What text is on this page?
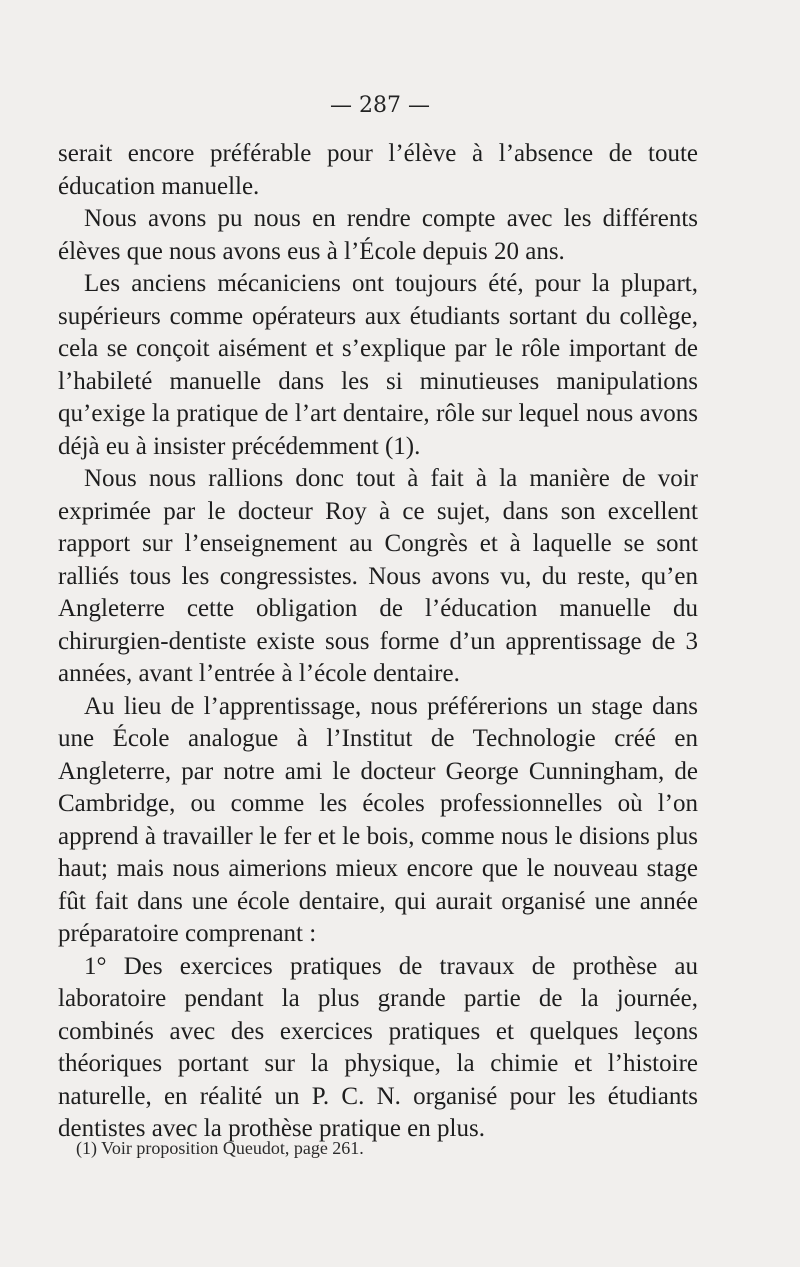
— 287 —

serait encore préférable pour l’élève à l’absence de toute éducation manuelle.

Nous avons pu nous en rendre compte avec les différents élèves que nous avons eus à l’École depuis 20 ans.

Les anciens mécaniciens ont toujours été, pour la plupart, supérieurs comme opérateurs aux étudiants sortant du collège, cela se conçoit aisément et s’explique par le rôle important de l’habileté manuelle dans les si minutieuses manipulations qu’exige la pratique de l’art dentaire, rôle sur lequel nous avons déjà eu à insister précédemment (1).

Nous nous rallions donc tout à fait à la manière de voir exprimée par le docteur Roy à ce sujet, dans son excellent rapport sur l’enseignement au Congrès et à laquelle se sont ralliés tous les congressistes. Nous avons vu, du reste, qu’en Angleterre cette obligation de l’éducation manuelle du chirurgien-dentiste existe sous forme d’un apprentissage de 3 années, avant l’entrée à l’école dentaire.

Au lieu de l’apprentissage, nous préférerions un stage dans une École analogue à l’Institut de Technologie créé en Angleterre, par notre ami le docteur George Cunningham, de Cambridge, ou comme les écoles professionnelles où l’on apprend à travailler le fer et le bois, comme nous le disions plus haut; mais nous aimerions mieux encore que le nouveau stage fût fait dans une école dentaire, qui aurait organisé une année préparatoire comprenant :

1° Des exercices pratiques de travaux de prothèse au laboratoire pendant la plus grande partie de la journée, combinés avec des exercices pratiques et quelques leçons théoriques portant sur la physique, la chimie et l’histoire naturelle, en réalité un P. C. N. organisé pour les étudiants dentistes avec la prothèse pratique en plus.

(1) Voir proposition Queudot, page 261.
